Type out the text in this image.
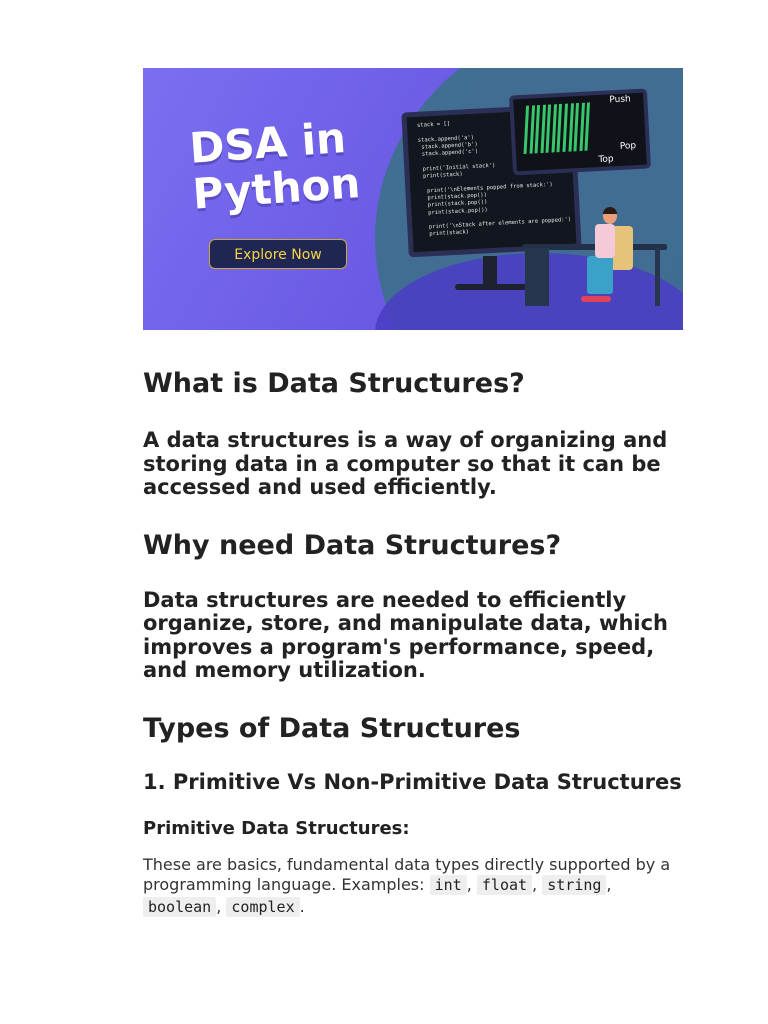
DSA in
Python
Explore Now
stack = []

stack.append('a')
stack.append('b')
stack.append('c')

print('Initial stack')
print(stack)

print('\nElements popped from stack:')
print(stack.pop())
print(stack.pop())
print(stack.pop())

print('\nStack after elements are popped:')
print(stack)
Push
Pop
Top
What is Data Structures?

A data structures is a way of organizing and storing data in a computer so that it can be accessed and used efficiently.

Why need Data Structures?

Data structures are needed to efficiently organize, store, and manipulate data, which improves a program's performance, speed, and memory utilization.

Types of Data Structures
1. Primitive Vs Non-Primitive Data Structures
Primitive Data Structures:

These are basics, fundamental data types directly supported by a programming language. Examples: int , float , string , boolean , complex .
